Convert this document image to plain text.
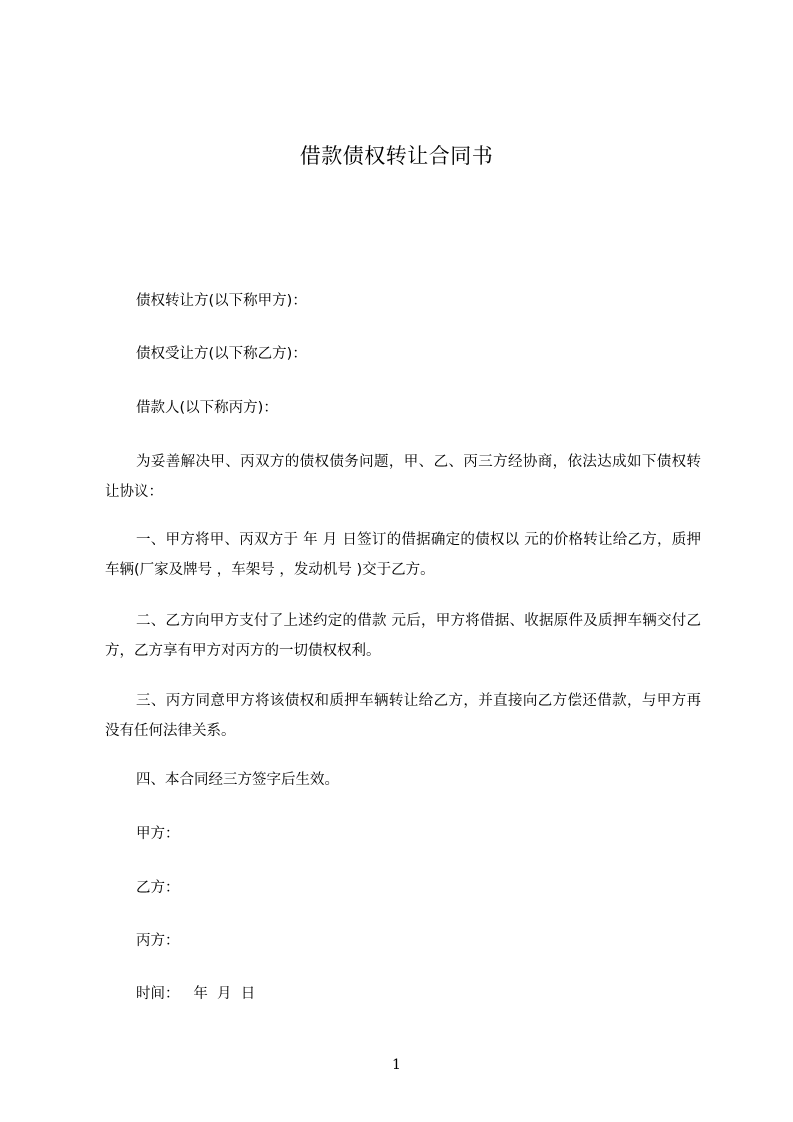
借款债权转让合同书
债权转让方(以下称甲方)：
债权受让方(以下称乙方)：
借款人(以下称丙方)：
为妥善解决甲、丙双方的债权债务问题，甲、乙、丙三方经协商，依法达成如下债权转让协议：
一、甲方将甲、丙双方于 年 月 日签订的借据确定的债权以 元的价格转让给乙方，质押车辆(厂家及牌号 ，车架号 ，发动机号 )交于乙方。
二、乙方向甲方支付了上述约定的借款 元后，甲方将借据、收据原件及质押车辆交付乙方，乙方享有甲方对丙方的一切债权权利。
三、丙方同意甲方将该债权和质押车辆转让给乙方，并直接向乙方偿还借款，与甲方再没有任何法律关系。
四、本合同经三方签字后生效。
甲方：
乙方：
丙方：
时间：   年  月  日
1
